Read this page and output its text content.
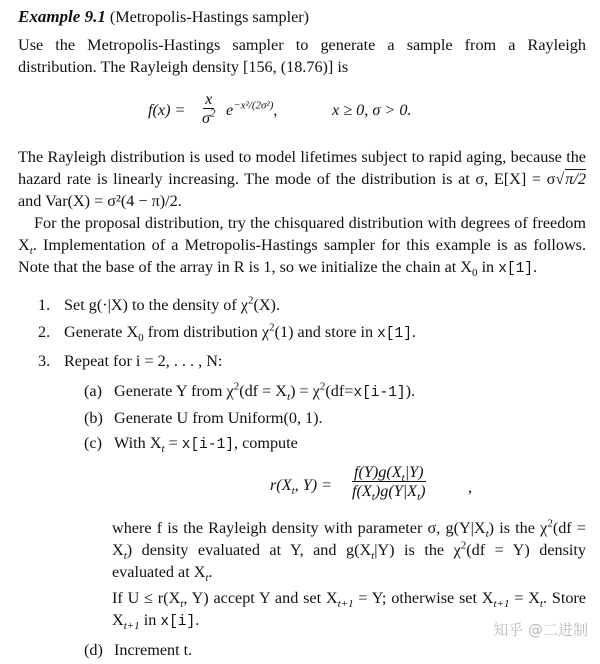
Example 9.1 (Metropolis-Hastings sampler)

Use the Metropolis-Hastings sampler to generate a sample from a Rayleigh distribution. The Rayleigh density [156, (18.76)] is

$f(x) = \frac{x}{\sigma^2} e^{-x^2/(2\sigma^2)}$,	x ≥ 0, σ > 0.

The Rayleigh distribution is used to model lifetimes subject to rapid aging, because the hazard rate is linearly increasing. The mode of the distribution is at σ, E[X] = σ√π/2 and Var(X) = σ²(4 − π)/2.

For the proposal distribution, try the chisquared distribution with degrees of freedom $X_t$. Implementation of a Metropolis-Hastings sampler for this example is as follows. Note that the base of the array in R is 1, so we initialize the chain at $X_0$ in x[1].

1. Set g(·|X) to the density of $\chi^2(X)$.
2. Generate $X_0$ from distribution $\chi^2(1)$ and store in x[1].
3. Repeat for i = 2, . . . , N:
(a) Generate Y from $\chi^2(df = X_t) = \chi^2(df=x[i-1])$.
(b) Generate U from Uniform(0, 1).
(c) With $X_t = x[i-1]$, compute
$r(X_t$, $Y) = \frac{f(Y)g(X_t|Y)}{f(X_t)g(Y|X_t)}$ ,

where f is the Rayleigh density with parameter σ, $g(Y|X_t)$ is the $\chi^2(df = X_t)$ density evaluated at Y, and $g(X_t|Y)$ is the $\chi^2(df = Y)$ density evaluated at $X_t$.

If $U \le r(X_t$, Y) accept Y and set $X_{t+1} = Y$; otherwise set $X_{t+1} = X_t$. Store $X_{t+1}$ in x[i].

(d) Increment t.
知乎 @二进制
